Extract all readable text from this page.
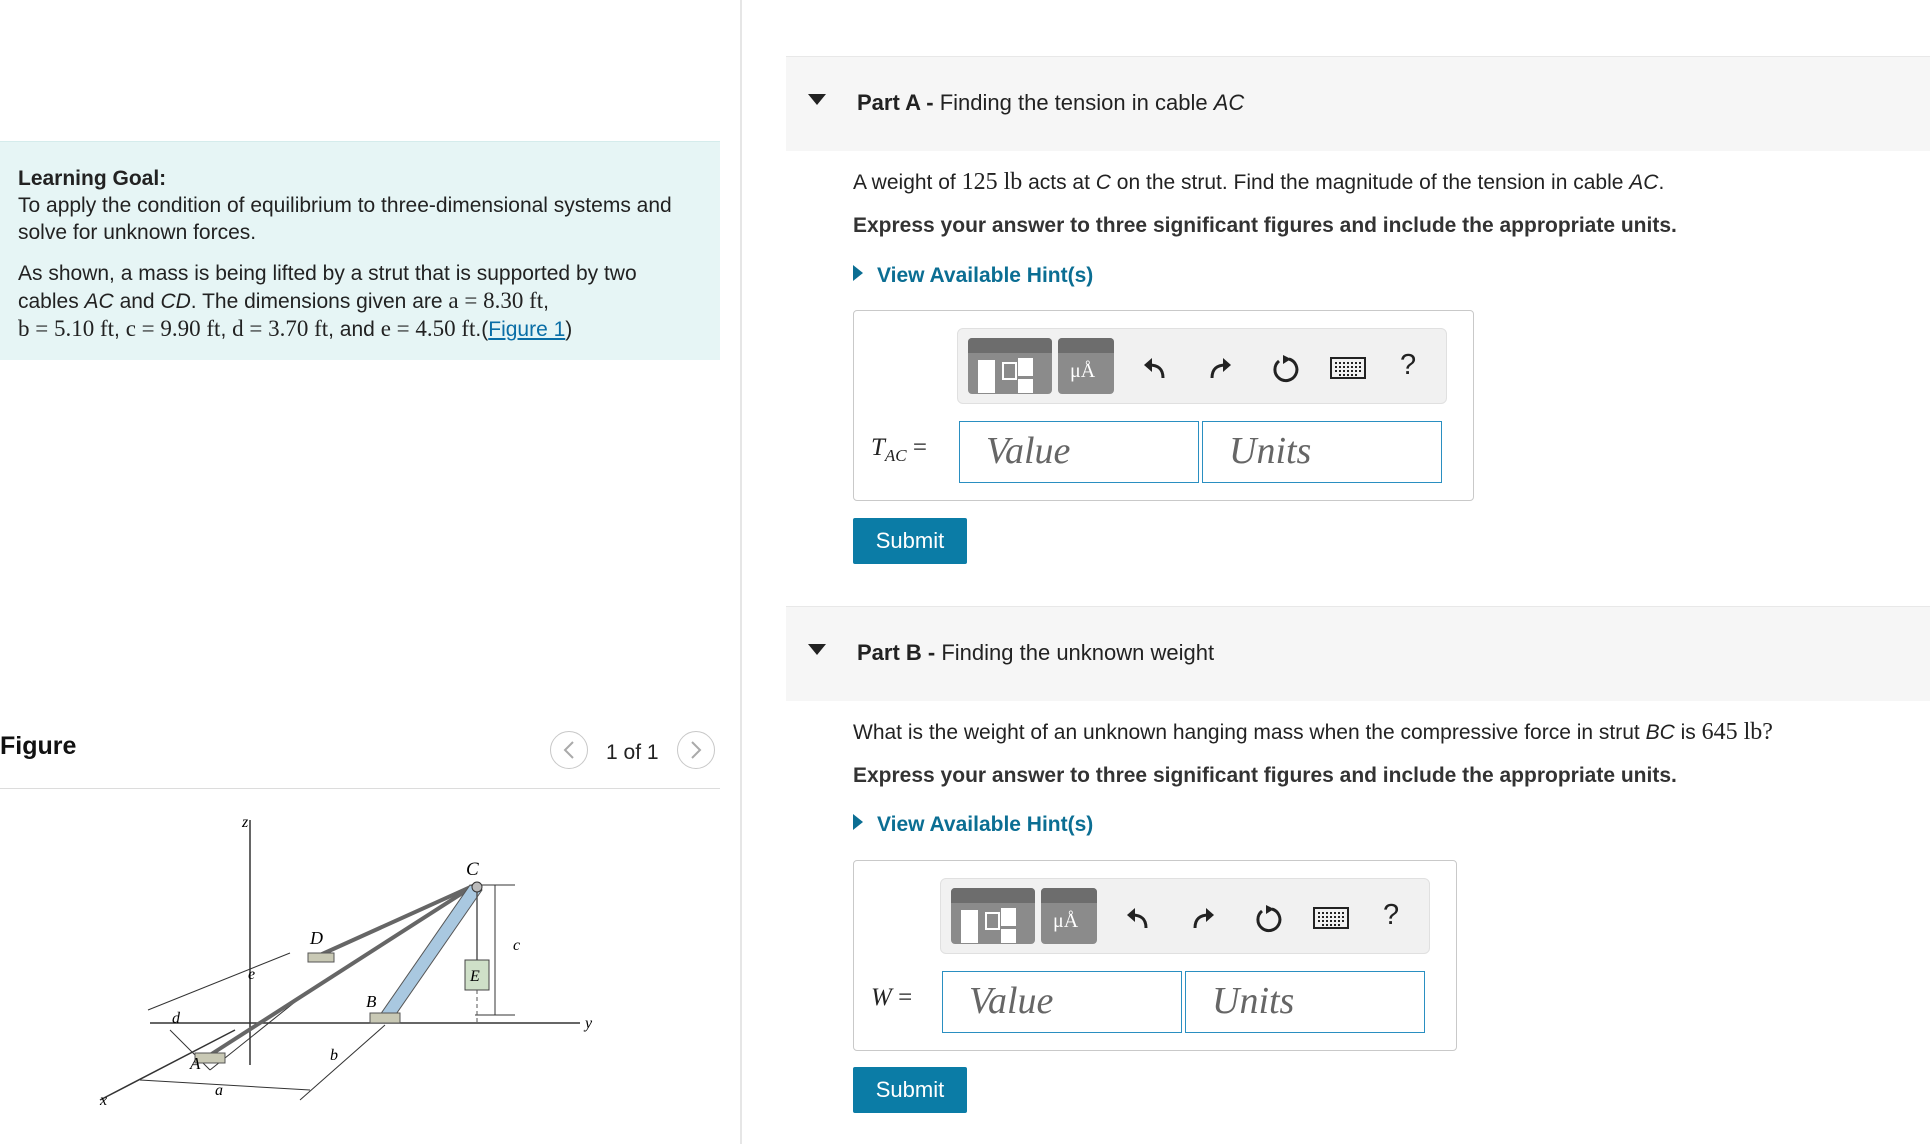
Learning Goal:

To apply the condition of equilibrium to three-dimensional systems and solve for unknown forces.

As shown, a mass is being lifted by a strut that is supported by two cables AC and CD. The dimensions given are a = 8.30 ft,
b = 5.10 ft, c = 9.90 ft, d = 3.70 ft, and e = 4.50 ft.(Figure 1)

Figure	1 of 1
z
C
D
e
c
E
B
y
d
b
A
a
x
Part A - Finding the tension in cable AC
A weight of 125 lb acts at C on the strut. Find the magnitude of the tension in cable AC.
Express your answer to three significant figures and include the appropriate units.
View Available Hint(s)
μÅ	?
$T_{AC}$ =	Value	Units
Submit
Part B - Finding the unknown weight
What is the weight of an unknown hanging mass when the compressive force in strut BC is 645 lb?
Express your answer to three significant figures and include the appropriate units.
View Available Hint(s)
μÅ	?
W =	Value	Units
Submit
